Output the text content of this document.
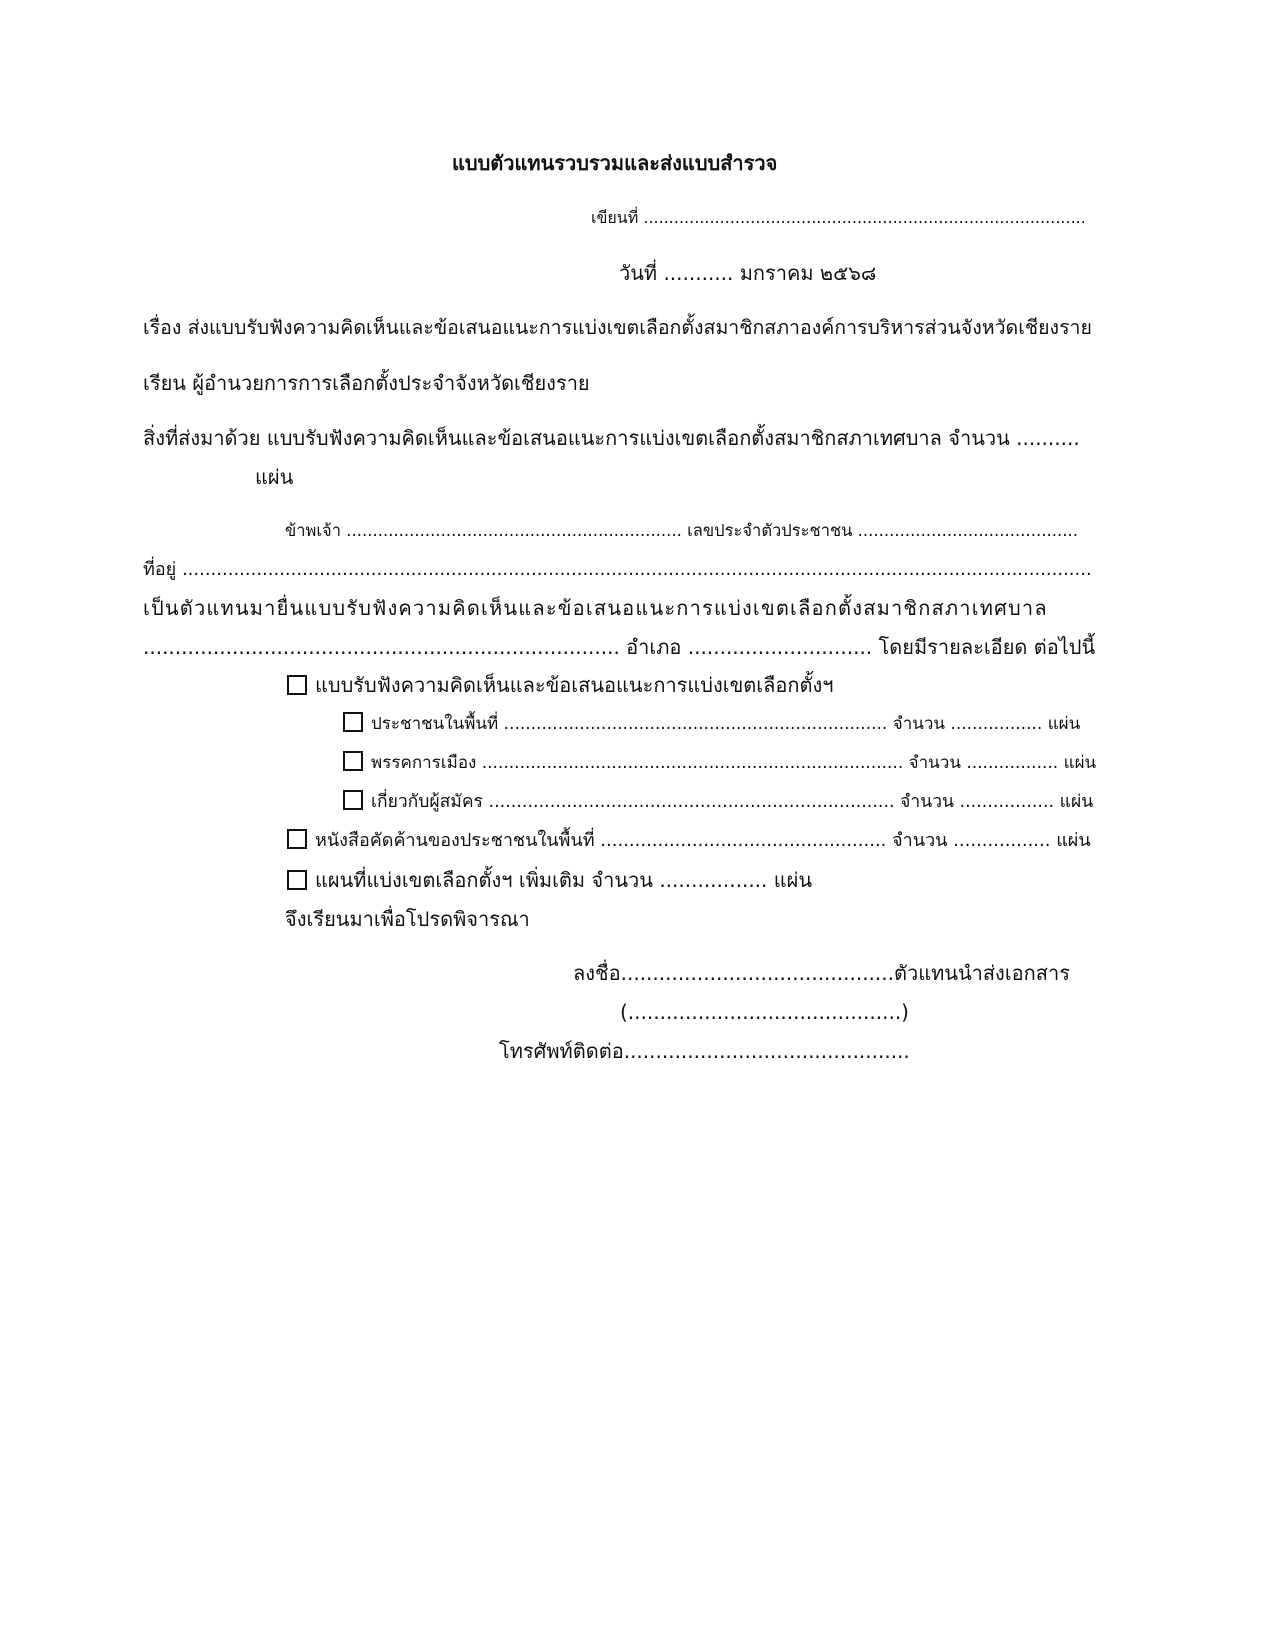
แบบตัวแทนรวบรวมและส่งแบบสำรวจ
เขียนที่ .......................................................................................
วันที่ ........... มกราคม ๒๕๖๘
เรื่อง ส่งแบบรับฟังความคิดเห็นและข้อเสนอแนะการแบ่งเขตเลือกตั้งสมาชิกสภาองค์การบริหารส่วนจังหวัดเชียงราย
เรียน ผู้อำนวยการการเลือกตั้งประจำจังหวัดเชียงราย
สิ่งที่ส่งมาด้วย แบบรับฟังความคิดเห็นและข้อเสนอแนะการแบ่งเขตเลือกตั้งสมาชิกสภาเทศบาล จำนวน ..........
แผ่น
ข้าพเจ้า ................................................................ เลขประจำตัวประชาชน ..........................................
ที่อยู่ ...............................................................................................................................................................
เป็นตัวแทนมายื่นแบบรับฟังความคิดเห็นและข้อเสนอแนะการแบ่งเขตเลือกตั้งสมาชิกสภาเทศบาล
........................................................................... อำเภอ ............................. โดยมีรายละเอียด ต่อไปนี้
แบบรับฟังความคิดเห็นและข้อเสนอแนะการแบ่งเขตเลือกตั้งฯ
ประชาชนในพื้นที่ ....................................................................... จำนวน ................. แผ่น
พรรคการเมือง .............................................................................. จำนวน ................. แผ่น
เกี่ยวกับผู้สมัคร ......................................................................... จำนวน ................. แผ่น
หนังสือคัดค้านของประชาชนในพื้นที่ .................................................. จำนวน ................. แผ่น
แผนที่แบ่งเขตเลือกตั้งฯ เพิ่มเติม จำนวน ................. แผ่น
จึงเรียนมาเพื่อโปรดพิจารณา
ลงชื่อ...........................................ตัวแทนนำส่งเอกสาร
(...........................................)
โทรศัพท์ติดต่อ.............................................
